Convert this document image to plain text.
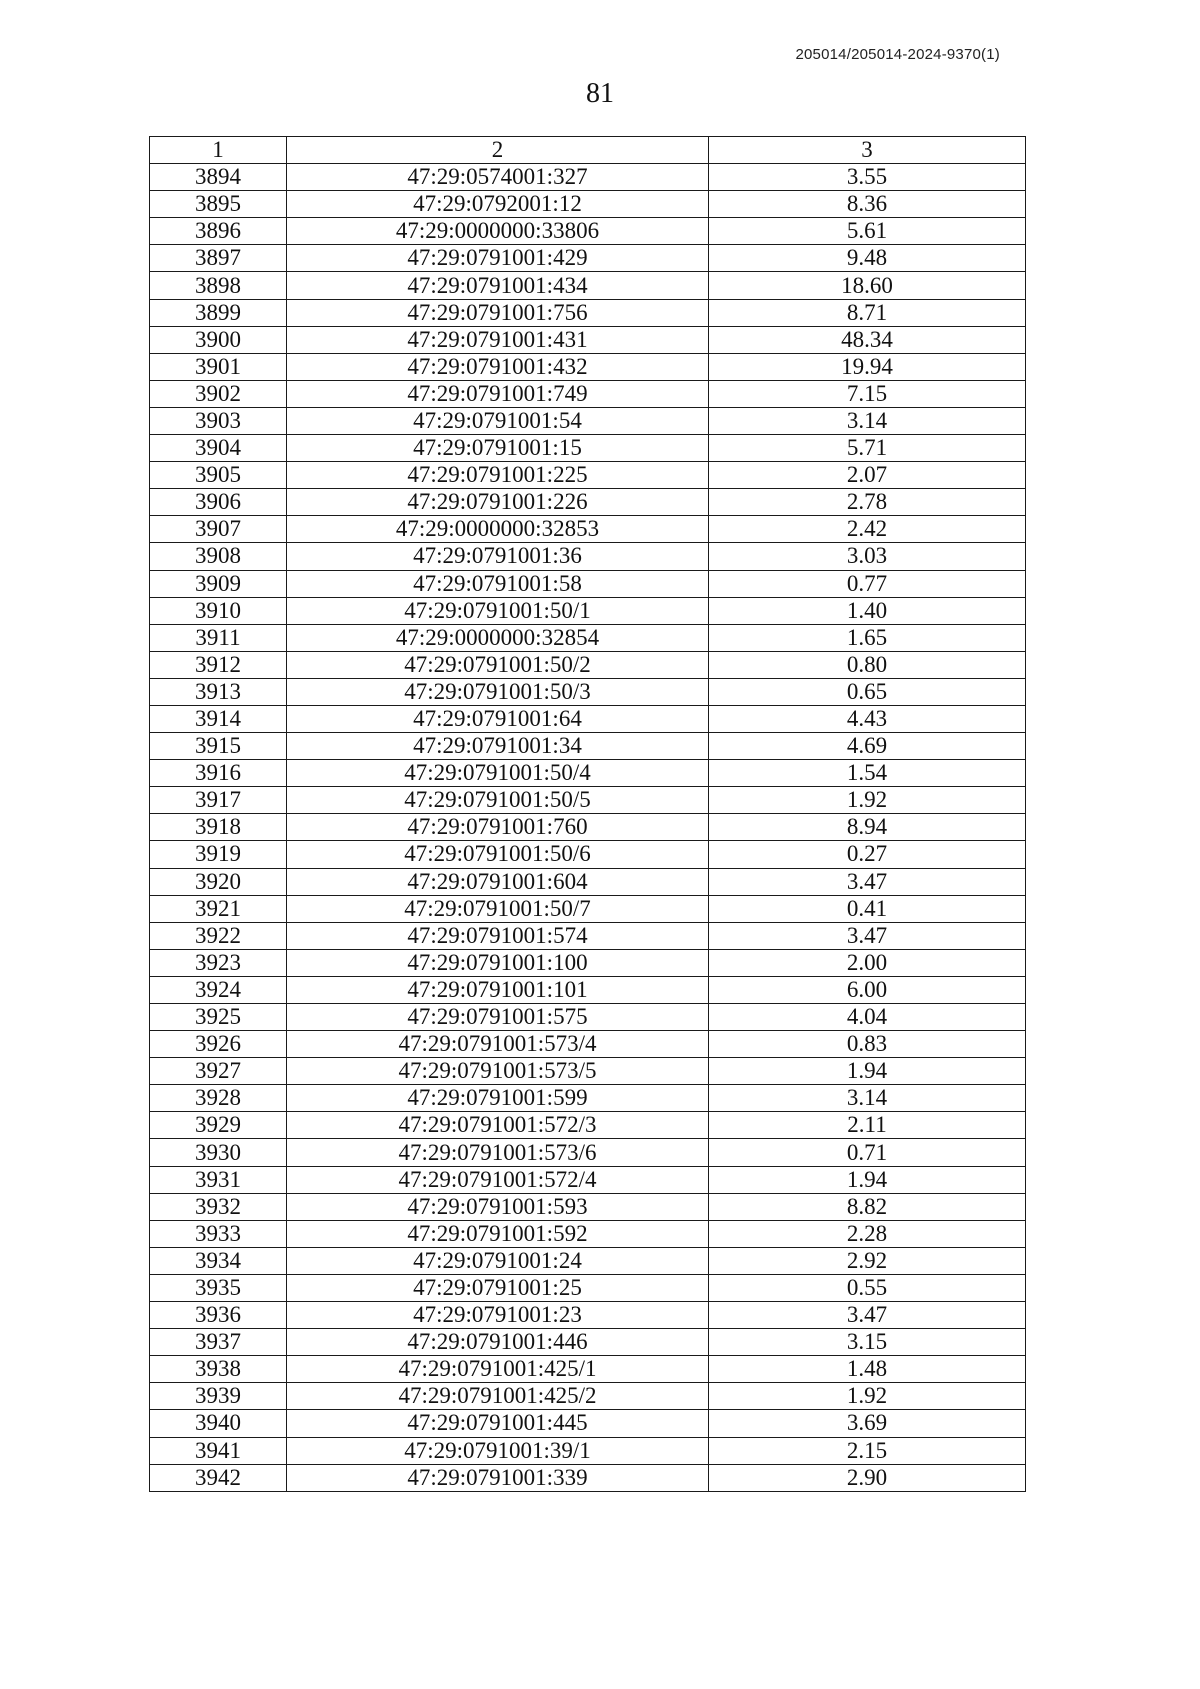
205014/205014-2024-9370(1)
81
1	2	3
3894	47:29:0574001:327	3.55
3895	47:29:0792001:12	8.36
3896	47:29:0000000:33806	5.61
3897	47:29:0791001:429	9.48
3898	47:29:0791001:434	18.60
3899	47:29:0791001:756	8.71
3900	47:29:0791001:431	48.34
3901	47:29:0791001:432	19.94
3902	47:29:0791001:749	7.15
3903	47:29:0791001:54	3.14
3904	47:29:0791001:15	5.71
3905	47:29:0791001:225	2.07
3906	47:29:0791001:226	2.78
3907	47:29:0000000:32853	2.42
3908	47:29:0791001:36	3.03
3909	47:29:0791001:58	0.77
3910	47:29:0791001:50/1	1.40
3911	47:29:0000000:32854	1.65
3912	47:29:0791001:50/2	0.80
3913	47:29:0791001:50/3	0.65
3914	47:29:0791001:64	4.43
3915	47:29:0791001:34	4.69
3916	47:29:0791001:50/4	1.54
3917	47:29:0791001:50/5	1.92
3918	47:29:0791001:760	8.94
3919	47:29:0791001:50/6	0.27
3920	47:29:0791001:604	3.47
3921	47:29:0791001:50/7	0.41
3922	47:29:0791001:574	3.47
3923	47:29:0791001:100	2.00
3924	47:29:0791001:101	6.00
3925	47:29:0791001:575	4.04
3926	47:29:0791001:573/4	0.83
3927	47:29:0791001:573/5	1.94
3928	47:29:0791001:599	3.14
3929	47:29:0791001:572/3	2.11
3930	47:29:0791001:573/6	0.71
3931	47:29:0791001:572/4	1.94
3932	47:29:0791001:593	8.82
3933	47:29:0791001:592	2.28
3934	47:29:0791001:24	2.92
3935	47:29:0791001:25	0.55
3936	47:29:0791001:23	3.47
3937	47:29:0791001:446	3.15
3938	47:29:0791001:425/1	1.48
3939	47:29:0791001:425/2	1.92
3940	47:29:0791001:445	3.69
3941	47:29:0791001:39/1	2.15
3942	47:29:0791001:339	2.90
